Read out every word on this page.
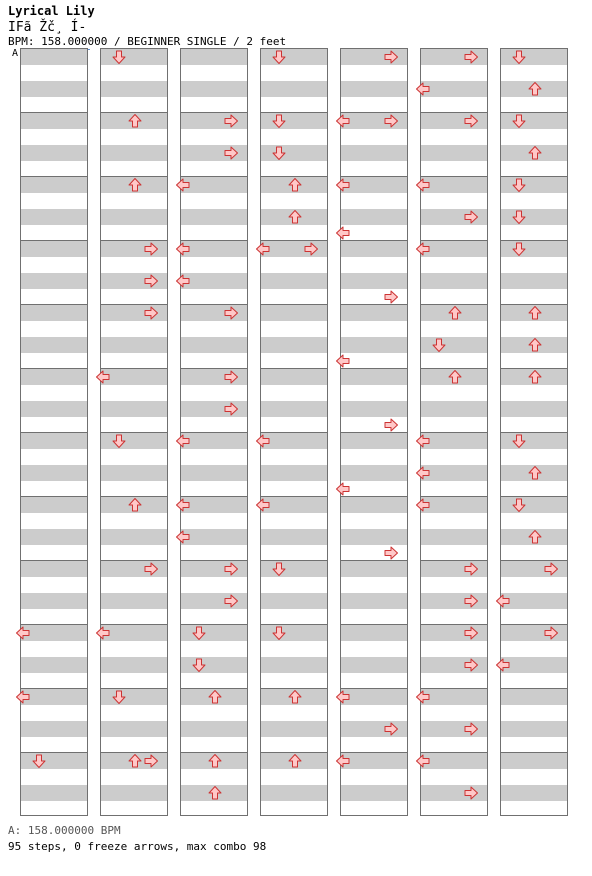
Lyrical Lily
IFã Žč¸ Í-
BPM: 158.000000 / BEGINNER SINGLE / 2 feet
A
A: 158.000000 BPM
95 steps, 0 freeze arrows, max combo 98
